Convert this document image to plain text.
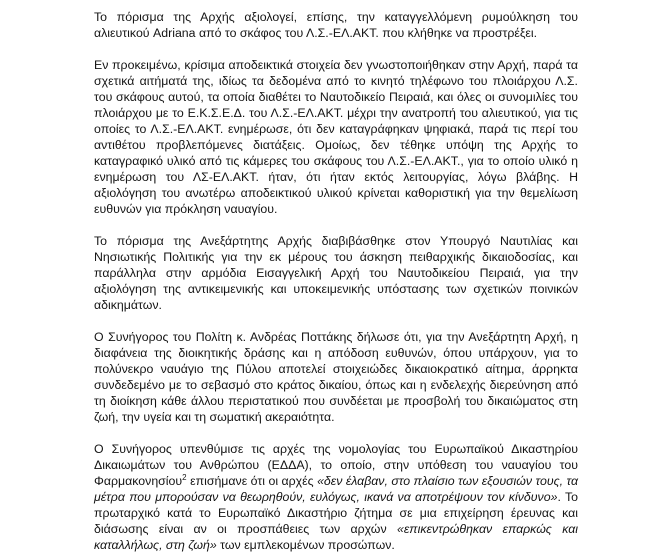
Το πόρισμα της Αρχής αξιολογεί, επίσης, την καταγγελλόμενη ρυμούλκηση του αλιευτικού Adriana από το σκάφος του Λ.Σ.-ΕΛ.ΑΚΤ. που κλήθηκε να προστρέξει.

Εν προκειμένω, κρίσιμα αποδεικτικά στοιχεία δεν γνωστοποιήθηκαν στην Αρχή, παρά τα σχετικά αιτήματά της, ιδίως τα δεδομένα από το κινητό τηλέφωνο του πλοιάρχου Λ.Σ. του σκάφους αυτού, τα οποία διαθέτει το Ναυτοδικείο Πειραιά, και όλες οι συνομιλίες του πλοιάρχου με το Ε.Κ.Σ.Ε.Δ. του Λ.Σ.-ΕΛ.ΑΚΤ. μέχρι την ανατροπή του αλιευτικού, για τις οποίες το Λ.Σ.-ΕΛ.ΑΚΤ. ενημέρωσε, ότι δεν καταγράφηκαν ψηφιακά, παρά τις περί του αντιθέτου προβλεπόμενες διατάξεις. Ομοίως, δεν τέθηκε υπόψη της Αρχής το καταγραφικό υλικό από τις κάμερες του σκάφους του Λ.Σ.-ΕΛ.ΑΚΤ., για το οποίο υλικό η ενημέρωση του ΛΣ-ΕΛ.ΑΚΤ. ήταν, ότι ήταν εκτός λειτουργίας, λόγω βλάβης. Η αξιολόγηση του ανωτέρω αποδεικτικού υλικού κρίνεται καθοριστική για την θεμελίωση ευθυνών για πρόκληση ναυαγίου.

Το πόρισμα της Ανεξάρτητης Αρχής διαβιβάσθηκε στον Υπουργό Ναυτιλίας και Νησιωτικής Πολιτικής για την εκ μέρους του άσκηση πειθαρχικής δικαιοδοσίας, και παράλληλα στην αρμόδια Εισαγγελική Αρχή του Ναυτοδικείου Πειραιά, για την αξιολόγηση της αντικειμενικής και υποκειμενικής υπόστασης των σχετικών ποινικών αδικημάτων.

Ο Συνήγορος του Πολίτη κ. Ανδρέας Ποττάκης δήλωσε ότι, για την Ανεξάρτητη Αρχή, η διαφάνεια της διοικητικής δράσης και η απόδοση ευθυνών, όπου υπάρχουν, για το πολύνεκρο ναυάγιο της Πύλου αποτελεί στοιχειώδες δικαιοκρατικό αίτημα, άρρηκτα συνδεδεμένο με το σεβασμό στο κράτος δικαίου, όπως και η ενδελεχής διερεύνηση από τη διοίκηση κάθε άλλου περιστατικού που συνδέεται με προσβολή του δικαιώματος στη ζωή, την υγεία και τη σωματική ακεραιότητα.

Ο Συνήγορος υπενθύμισε τις αρχές της νομολογίας του Ευρωπαϊκού Δικαστηρίου Δικαιωμάτων του Ανθρώπου (ΕΔΔΑ), το οποίο, στην υπόθεση του ναυαγίου του Φαρμακονησίου$^2$ επισήμανε ότι οι αρχές «δεν έλαβαν, στο πλαίσιο των εξουσιών τους, τα μέτρα που μπορούσαν να θεωρηθούν, ευλόγως, ικανά να αποτρέψουν τον κίνδυνο». Το πρωταρχικό κατά το Ευρωπαϊκό Δικαστήριο ζήτημα σε μια επιχείρηση έρευνας και διάσωσης είναι αν οι προσπάθειες των αρχών «επικεντρώθηκαν επαρκώς και καταλλήλως, στη ζωή» των εμπλεκομένων προσώπων.
